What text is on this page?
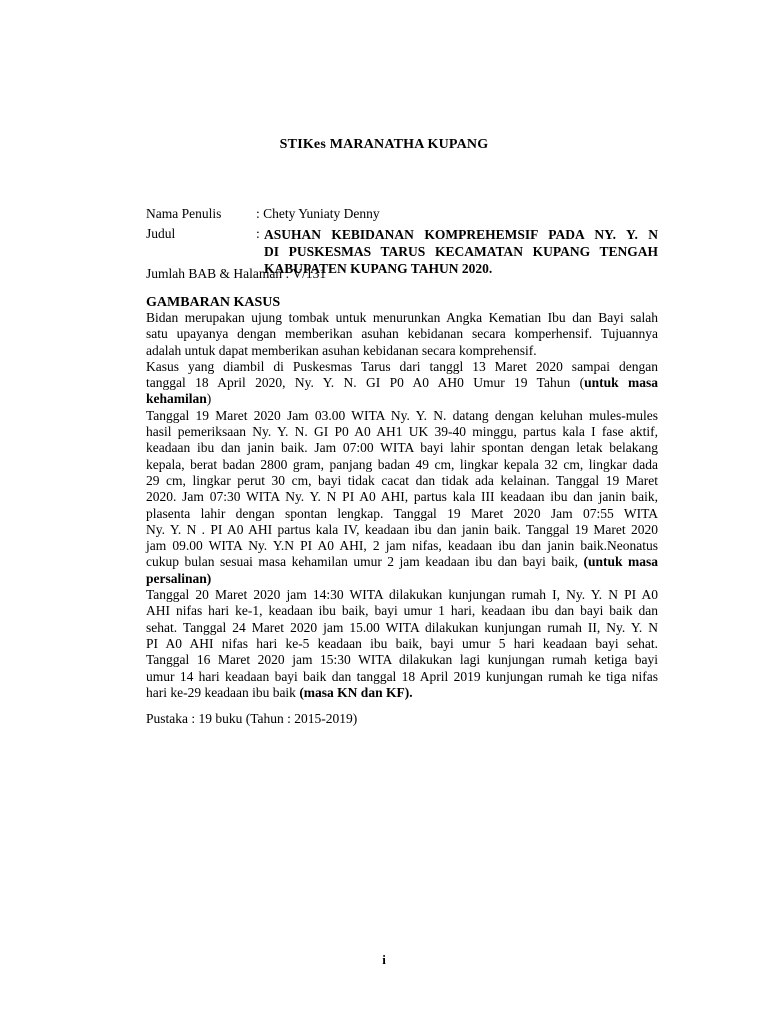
STIKes MARANATHA KUPANG
Nama Penulis	: Chety Yuniaty Denny
Judul	: ASUHAN KEBIDANAN KOMPREHEMSIF PADA NY. Y. N
DI PUSKESMAS TARUS KECAMATAN KUPANG TENGAH
KABUPATEN KUPANG TAHUN 2020.
Jumlah BAB & Halaman : V/131
GAMBARAN KASUS
Bidan merupakan ujung tombak untuk menurunkan Angka Kematian Ibu dan Bayi salah
satu upayanya dengan memberikan asuhan kebidanan secara komperhensif. Tujuannya
adalah untuk dapat memberikan asuhan kebidanan secara komprehensif.
Kasus yang diambil di Puskesmas Tarus dari tanggl 13 Maret 2020 sampai dengan
tanggal 18 April 2020, Ny. Y. N. GI P0 A0 AH0 Umur 19 Tahun (untuk masa
kehamilan)
Tanggal 19 Maret 2020 Jam 03.00 WITA Ny. Y. N. datang dengan keluhan mules-mules
hasil pemeriksaan Ny. Y. N. GI P0 A0 AH1 UK 39-40 minggu, partus kala I fase aktif,
keadaan ibu dan janin baik. Jam 07:00 WITA bayi lahir spontan dengan letak belakang
kepala, berat badan 2800 gram, panjang badan 49 cm, lingkar kepala 32 cm, lingkar dada
29 cm, lingkar perut 30 cm, bayi tidak cacat dan tidak ada kelainan. Tanggal 19 Maret
2020. Jam 07:30 WITA Ny. Y. N PI A0 AHI, partus kala III keadaan ibu dan janin baik,
plasenta lahir dengan spontan lengkap. Tanggal 19 Maret 2020 Jam 07:55 WITA
Ny. Y. N . PI A0 AHI partus kala IV, keadaan ibu dan janin baik. Tanggal 19 Maret 2020
jam 09.00 WITA Ny. Y.N PI A0 AHI, 2 jam nifas, keadaan ibu dan janin baik.Neonatus
cukup bulan sesuai masa kehamilan umur 2 jam keadaan ibu dan bayi baik, (untuk masa
persalinan)
Tanggal 20 Maret 2020 jam 14:30 WITA dilakukan kunjungan rumah I, Ny. Y. N PI A0
AHI nifas hari ke-1, keadaan ibu baik, bayi umur 1 hari, keadaan ibu dan bayi baik dan
sehat. Tanggal 24 Maret 2020 jam 15.00 WITA dilakukan kunjungan rumah II, Ny. Y. N
PI A0 AHI nifas hari ke-5 keadaan ibu baik, bayi umur 5 hari keadaan bayi sehat.
Tanggal 16 Maret 2020 jam 15:30 WITA dilakukan lagi kunjungan rumah ketiga bayi
umur 14 hari keadaan bayi baik dan tanggal 18 April 2019 kunjungan rumah ke tiga nifas
hari ke-29 keadaan ibu baik (masa KN dan KF).
Pustaka : 19 buku (Tahun : 2015-2019)
i
